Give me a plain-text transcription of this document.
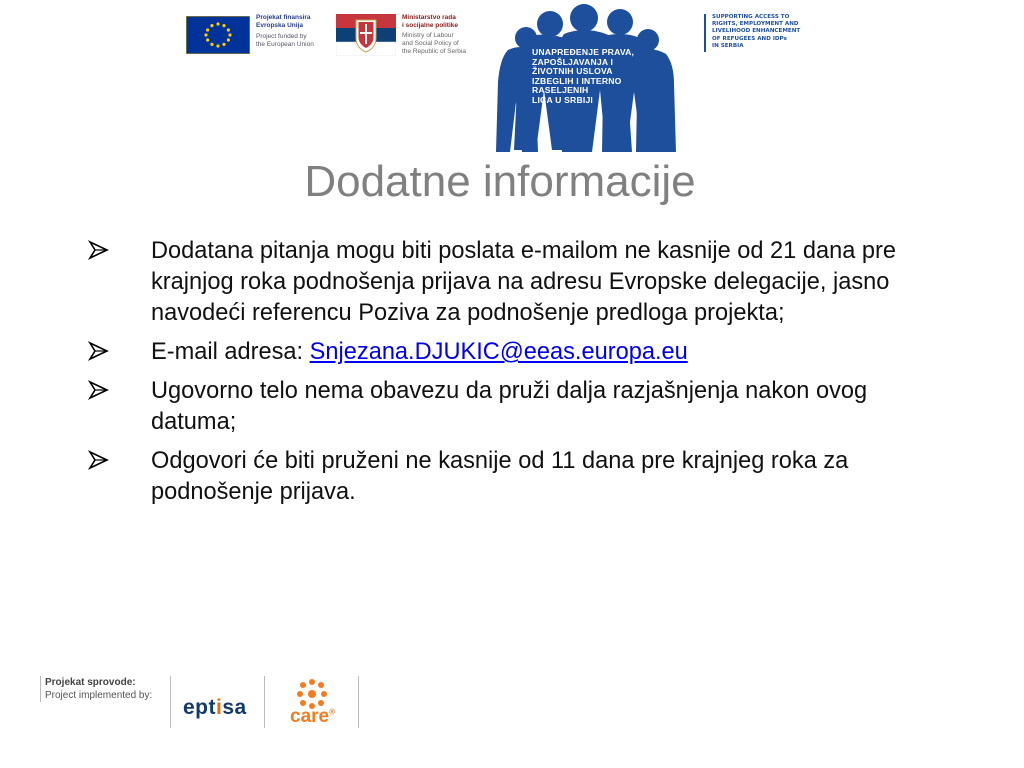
Projekat finansira
Evropska Unija
Project funded by
the European Union
Ministarstvo rada
i socijalne politike
Ministry of Labour
and Social Policy of
the Republic of Serbia	UNAPREĐENJE PRAVA,
ZAPOŠLJAVANJA I
ŽIVOTNIH USLOVA
IZBEGLIH I INTERNO
RASELJENIH
LICA U SRBIJI
SUPPORTING ACCESS TO
RIGHTS, EMPLOYMENT AND
LIVELIHOOD ENHANCEMENT
OF REFUGEES AND IDPs
IN SERBIA
Dodatne informacije
Dodatana pitanja mogu biti poslata e-mailom ne kasnije od 21 dana pre krajnjog roka podnošenja prijava na adresu Evropske delegacije, jasno navodeći referencu Poziva za podnošenje predloga projekta;
E-mail adresa: Snjezana.DJUKIC@eeas.europa.eu
Ugovorno telo nema obavezu da pruži dalja razjašnjenja nakon ovog datuma;
Odgovori će biti pruženi ne kasnije od 11 dana pre krajnjeg roka za podnošenje prijava.
Projekat sprovode:
Project implemented by:
eptisa care®
